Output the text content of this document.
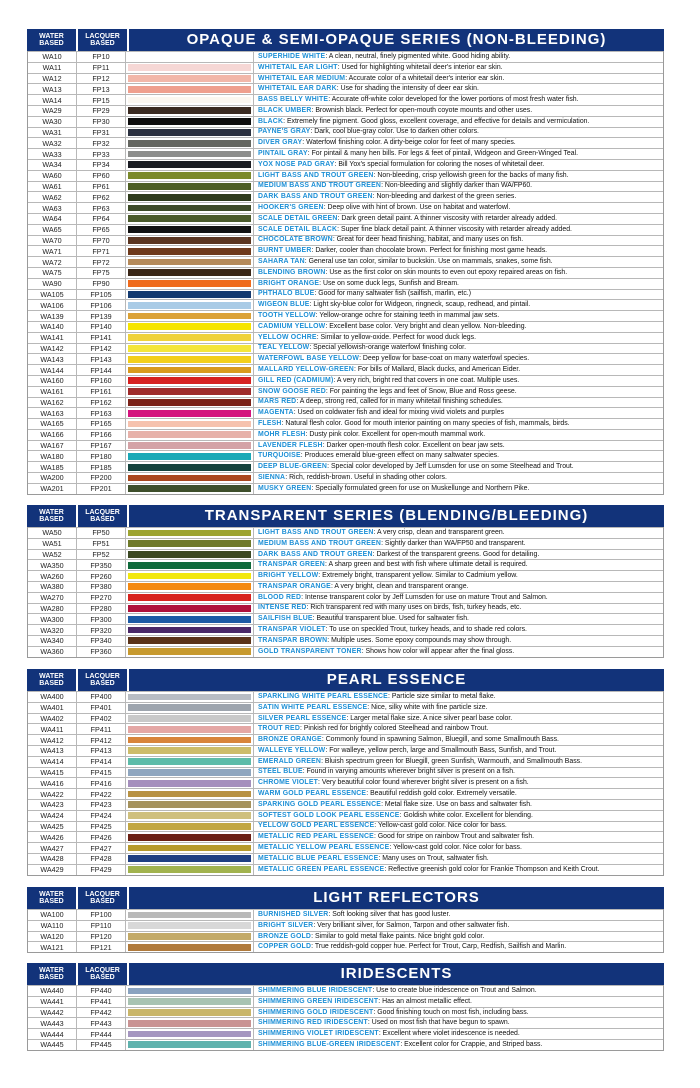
WATER
BASED
LACQUER
BASED	OPAQUE & SEMI-OPAQUE SERIES (NON-BLEEDING)
WA10	FP10	SUPERHIDE WHITE: A clean, neutral, finely pigmented white. Good hiding ability.
WA11	FP11	WHITETAIL EAR LIGHT: Used for highlighting whitetail deer's interior ear skin.
WA12	FP12	WHITETAIL EAR MEDIUM: Accurate color of a whitetail deer's interior ear skin.
WA13	FP13	WHITETAIL EAR DARK: Use for shading the intensity of deer ear skin.
WA14	FP15	BASS BELLY WHITE: Accurate off-white color developed for the lower portions of most fresh water fish.
WA29	FP29	BLACK UMBER: Brownish black. Perfect for open-mouth coyote mounts and other uses.
WA30	FP30	BLACK: Extremely fine pigment. Good gloss, excellent coverage, and effective for details and vermiculation.
WA31	FP31	PAYNE'S GRAY: Dark, cool blue-gray color. Use to darken other colors.
WA32	FP32	DIVER GRAY: Waterfowl finishing color. A dirty-beige color for feet of many species.
WA33	FP33	PINTAIL GRAY: For pintail & many hen bills. For legs & feet of pintail, Widgeon and Green-Winged Teal.
WA34	FP34	YOX NOSE PAD GRAY: Bill Yox's special formulation for coloring the noses of whitetail deer.
WA60	FP60	LIGHT BASS AND TROUT GREEN: Non-bleeding, crisp yellowish green for the backs of many fish.
WA61	FP61	MEDIUM BASS AND TROUT GREEN: Non-bleeding and slightly darker than WA/FP60.
WA62	FP62	DARK BASS AND TROUT GREEN: Non-bleeding and darkest of the green series.
WA63	FP63	HOOKER'S GREEN: Deep olive with hint of brown. Use on habitat and waterfowl.
WA64	FP64	SCALE DETAIL GREEN: Dark green detail paint. A thinner viscosity with retarder already added.
WA65	FP65	SCALE DETAIL BLACK: Super fine black detail paint. A thinner viscosity with retarder already added.
WA70	FP70	CHOCOLATE BROWN: Great for deer head finishing, habitat, and many uses on fish.
WA71	FP71	BURNT UMBER: Darker, cooler than chocolate brown. Perfect for finishing most game heads.
WA72	FP72	SAHARA TAN: General use tan color, similar to buckskin. Use on mammals, snakes, some fish.
WA75	FP75	BLENDING BROWN: Use as the first color on skin mounts to even out epoxy repaired areas on fish.
WA90	FP90	BRIGHT ORANGE: Use on some duck legs, Sunfish and Bream.
WA105	FP105	PHTHALO BLUE: Good for many saltwater fish (sailfish, marlin, etc.)
WA106	FP106	WIGEON BLUE: Light sky-blue color for Widgeon, ringneck, scaup, redhead, and pintail.
WA139	FP139	TOOTH YELLOW: Yellow-orange ochre for staining teeth in mammal jaw sets.
WA140	FP140	CADMIUM YELLOW: Excellent base color. Very bright and clean yellow. Non-bleeding.
WA141	FP141	YELLOW OCHRE: Similar to yellow-oxide. Perfect for wood duck legs.
WA142	FP142	TEAL YELLOW: Special yellowish-orange waterfowl finishing color.
WA143	FP143	WATERFOWL BASE YELLOW: Deep yellow for base-coat on many waterfowl species.
WA144	FP144	MALLARD YELLOW-GREEN: For bills of Mallard, Black ducks, and American Eider.
WA160	FP160	GILL RED (CADMIUM): A very rich, bright red that covers in one coat. Multiple uses.
WA161	FP161	SNOW GOOSE RED: For painting the legs and feet of Snow, Blue and Ross geese.
WA162	FP162	MARS RED: A deep, strong red, called for in many whitetail finishing schedules.
WA163	FP163	MAGENTA: Used on coldwater fish and ideal for mixing vivid violets and purples
WA165	FP165	FLESH: Natural flesh color. Good for mouth interior painting on many species of fish, mammals, birds.
WA166	FP166	MOHR FLESH: Dusty pink color. Excellent for open-mouth mammal work.
WA167	FP167	LAVENDER FLESH: Darker open-mouth flesh color. Excellent on bear jaw sets.
WA180	FP180	TURQUOISE: Produces emerald blue-green effect on many saltwater species.
WA185	FP185	DEEP BLUE-GREEN: Special color developed by Jeff Lumsden for use on some Steelhead and Trout.
WA200	FP200	SIENNA: Rich, reddish-brown. Useful in shading other colors.
WA201	FP201	MUSKY GREEN: Specially formulated green for use on Muskellunge and Northern Pike.
WATER
BASED
LACQUER
BASED	TRANSPARENT SERIES (BLENDING/BLEEDING)
WA50	FP50	LIGHT BASS AND TROUT GREEN: A very crisp, clean and transparent green.
WA51	FP51	MEDIUM BASS AND TROUT GREEN: Sightly darker than WA/FP50 and transparent.
WA52	FP52	DARK BASS AND TROUT GREEN: Darkest of the transparent greens. Good for detailing.
WA350	FP350	TRANSPAR GREEN: A sharp green and best with fish where ultimate detail is required.
WA260	FP260	BRIGHT YELLOW: Extremely bright, transparent yellow. Similar to Cadmium yellow.
WA380	FP380	TRANSPAR ORANGE: A very bright, clean and transparent orange.
WA270	FP270	BLOOD RED: Intense transparent color by Jeff Lumsden for use on mature Trout and Salmon.
WA280	FP280	INTENSE RED: Rich transparent red with many uses on birds, fish, turkey heads, etc.
WA300	FP300	SAILFISH BLUE: Beautiful transparent blue. Used for saltwater fish.
WA320	FP320	TRANSPAR VIOLET: To use on speckled Trout, turkey heads, and to shade red colors.
WA340	FP340	TRANSPAR BROWN: Multiple uses. Some epoxy compounds may show through.
WA360	FP360	GOLD TRANSPARENT TONER: Shows how color will appear after the final gloss.
WATER
BASED
LACQUER
BASED	PEARL ESSENCE
WA400	FP400	SPARKLING WHITE PEARL ESSENCE: Particle size similar to metal flake.
WA401	FP401	SATIN WHITE PEARL ESSENCE: Nice, silky white with fine particle size.
WA402	FP402	SILVER PEARL ESSENCE: Larger metal flake size. A nice silver pearl base color.
WA411	FP411	TROUT RED: Pinkish red for brightly colored Steelhead and rainbow Trout.
WA412	FP412	BRONZE ORANGE: Commonly found in spawning Salmon, Bluegill, and some Smallmouth Bass.
WA413	FP413	WALLEYE YELLOW: For walleye, yellow perch, large and Smallmouth Bass, Sunfish, and Trout.
WA414	FP414	EMERALD GREEN: Bluish spectrum green for Bluegill, green Sunfish, Warmouth, and Smallmouth Bass.
WA415	FP415	STEEL BLUE: Found in varying amounts wherever bright silver is present on a fish.
WA416	FP416	CHROME VIOLET: Very beautiful color found wherever bright silver is present on a fish.
WA422	FP422	WARM GOLD PEARL ESSENCE: Beautiful reddish gold color. Extremely versatile.
WA423	FP423	SPARKING GOLD PEARL ESSENCE: Metal flake size. Use on bass and saltwater fish.
WA424	FP424	SOFTEST GOLD LOOK PEARL ESSENCE: Goldish white color. Excellent for blending.
WA425	FP425	YELLOW GOLD PEARL ESSENCE: Yellow-cast gold color. Nice color for bass.
WA426	FP426	METALLIC RED PEARL ESSENCE: Good for stripe on rainbow Trout and saltwater fish.
WA427	FP427	METALLIC YELLOW PEARL ESSENCE: Yellow-cast gold color. Nice color for bass.
WA428	FP428	METALLIC BLUE PEARL ESSENCE: Many uses on Trout, saltwater fish.
WA429	FP429	METALLIC GREEN PEARL ESSENCE: Reflective greenish gold color for Frankie Thompson and Keith Crout.
WATER
BASED
LACQUER
BASED	LIGHT REFLECTORS
WA100	FP100	BURNISHED SILVER: Soft looking silver that has good luster.
WA110	FP110	BRIGHT SILVER: Very brilliant silver, for Salmon, Tarpon and other saltwater fish.
WA120	FP120	BRONZE GOLD: Similar to gold metal flake paints. Nice bright gold color.
WA121	FP121	COPPER GOLD: True reddish-gold copper hue. Perfect for Trout, Carp, Redfish, Sailfish and Marlin.
WATER
BASED
LACQUER
BASED	IRIDESCENTS
WA440	FP440	SHIMMERING BLUE IRIDESCENT: Use to create blue iridescence on Trout and Salmon.
WA441	FP441	SHIMMERING GREEN IRIDESCENT: Has an almost metallic effect.
WA442	FP442	SHIMMERING GOLD IRIDESCENT: Good finishing touch on most fish, including bass.
WA443	FP443	SHIMMERING RED IRIDESCENT: Used on most fish that have begun to spawn.
WA444	FP444	SHIMMERING VIOLET IRIDESCENT: Excellent where violet iridescence is needed.
WA445	FP445	SHIMMERING BLUE-GREEN IRIDESCENT: Excellent color for Crappie, and Striped bass.
